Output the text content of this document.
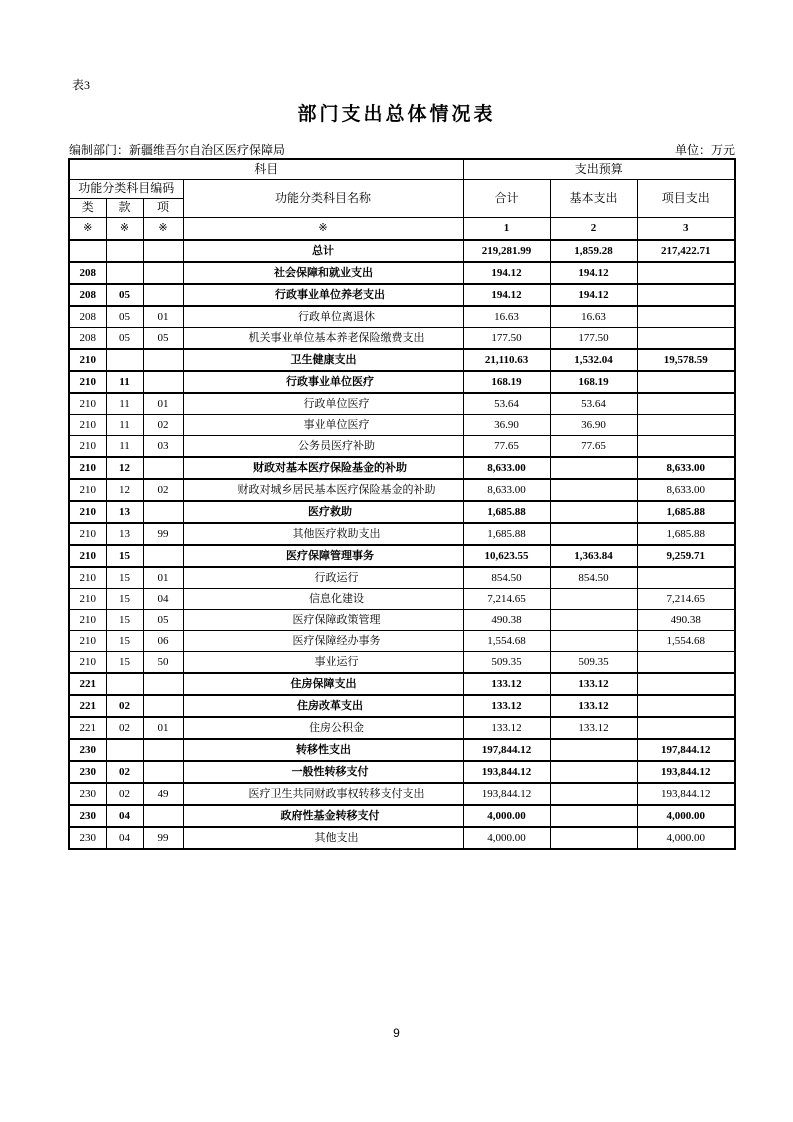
表3
部门支出总体情况表
编制部门：新疆维吾尔自治区医疗保障局	单位：万元
科目				支出预算		
功能分类科目编码			功能分类科目名称	合计	基本支出	项目支出
类	款	项				
※	※	※	※	1	2	3
			总计	219,281.99	1,859.28	217,422.71
208			社会保障和就业支出	194.12	194.12	
208	05		行政事业单位养老支出	194.12	194.12	
208	05	01	行政单位离退休	16.63	16.63	
208	05	05	机关事业单位基本养老保险缴费支出	177.50	177.50	
210			卫生健康支出	21,110.63	1,532.04	19,578.59
210	11		行政事业单位医疗	168.19	168.19	
210	11	01	行政单位医疗	53.64	53.64	
210	11	02	事业单位医疗	36.90	36.90	
210	11	03	公务员医疗补助	77.65	77.65	
210	12		财政对基本医疗保险基金的补助	8,633.00		8,633.00
210	12	02	财政对城乡居民基本医疗保险基金的补助	8,633.00		8,633.00
210	13		医疗救助	1,685.88		1,685.88
210	13	99	其他医疗救助支出	1,685.88		1,685.88
210	15		医疗保障管理事务	10,623.55	1,363.84	9,259.71
210	15	01	行政运行	854.50	854.50	
210	15	04	信息化建设	7,214.65		7,214.65
210	15	05	医疗保障政策管理	490.38		490.38
210	15	06	医疗保障经办事务	1,554.68		1,554.68
210	15	50	事业运行	509.35	509.35	
221			住房保障支出	133.12	133.12	
221	02		住房改革支出	133.12	133.12	
221	02	01	住房公积金	133.12	133.12	
230			转移性支出	197,844.12		197,844.12
230	02		一般性转移支付	193,844.12		193,844.12
230	02	49	医疗卫生共同财政事权转移支付支出	193,844.12		193,844.12
230	04		政府性基金转移支付	4,000.00		4,000.00
230	04	99	其他支出	4,000.00		4,000.00
9
